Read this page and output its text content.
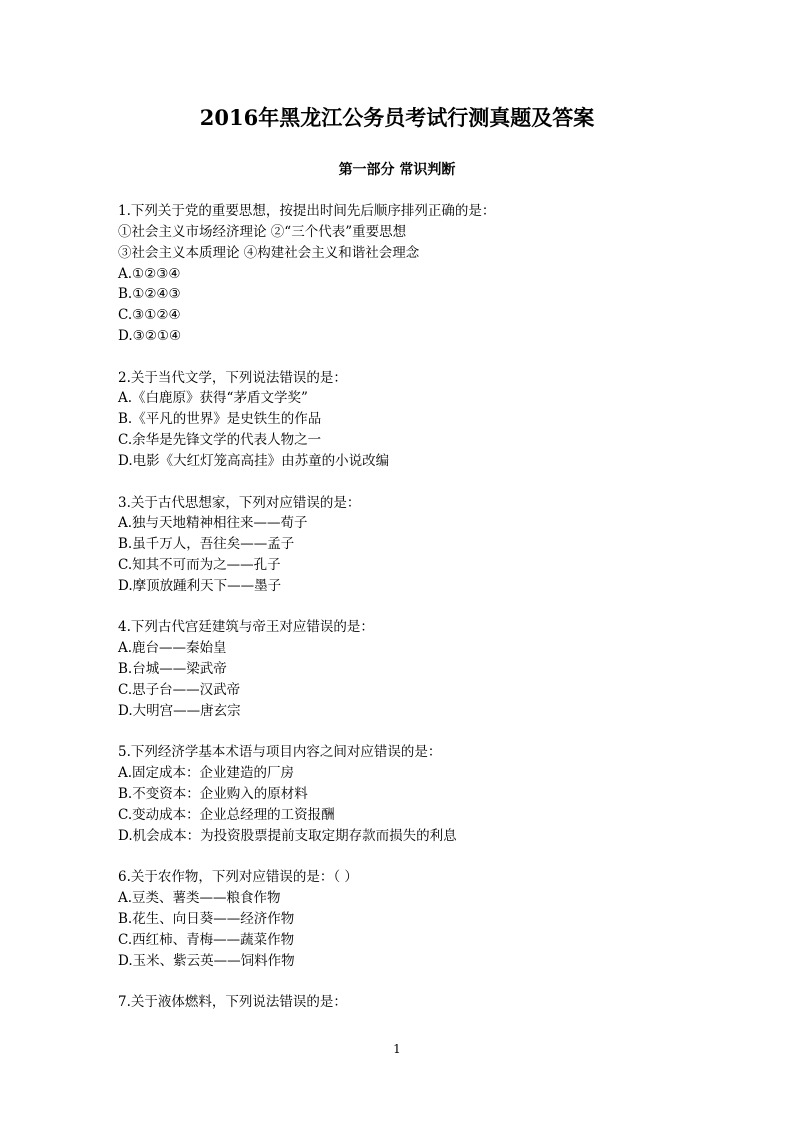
2016年黑龙江公务员考试行测真题及答案
第一部分 常识判断
1.下列关于党的重要思想，按提出时间先后顺序排列正确的是：
①社会主义市场经济理论 ②“三个代表”重要思想
③社会主义本质理论 ④构建社会主义和谐社会理念
A.①②③④
B.①②④③
C.③①②④
D.③②①④
2.关于当代文学，下列说法错误的是：
A.《白鹿原》获得“茅盾文学奖”
B.《平凡的世界》是史铁生的作品
C.余华是先锋文学的代表人物之一
D.电影《大红灯笼高高挂》由苏童的小说改编
3.关于古代思想家，下列对应错误的是：
A.独与天地精神相往来——荀子
B.虽千万人，吾往矣——孟子
C.知其不可而为之——孔子
D.摩顶放踵利天下——墨子
4.下列古代宫廷建筑与帝王对应错误的是：
A.鹿台——秦始皇
B.台城——梁武帝
C.思子台——汉武帝
D.大明宫——唐玄宗
5.下列经济学基本术语与项目内容之间对应错误的是：
A.固定成本：企业建造的厂房
B.不变资本：企业购入的原材料
C.变动成本：企业总经理的工资报酬
D.机会成本：为投资股票提前支取定期存款而损失的利息
6.关于农作物，下列对应错误的是：（ ）
A.豆类、薯类——粮食作物
B.花生、向日葵——经济作物
C.西红柿、青梅——蔬菜作物
D.玉米、紫云英——饲料作物
7.关于液体燃料，下列说法错误的是：
1
